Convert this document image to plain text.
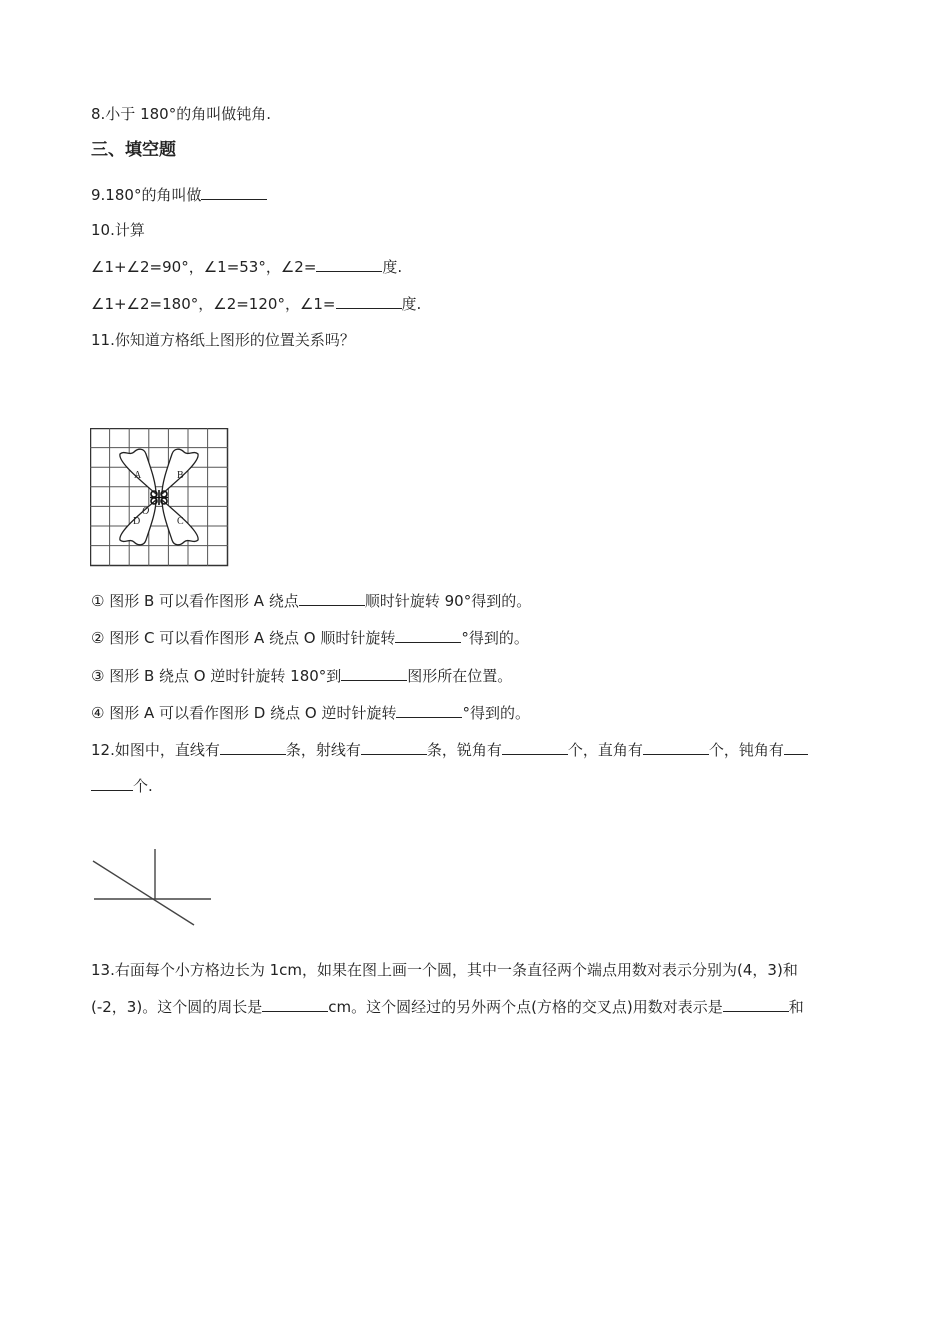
8.小于 180°的角叫做钝角.
三、填空题
9.180°的角叫做
10.计算
∠1+∠2=90°，∠1=53°，∠2=	度.
∠1+∠2=180°，∠2=120°，∠1=	度.
11.你知道方格纸上图形的位置关系吗？
A	B
C
D
O
① 图形 B 可以看作图形 A 绕点	顺时针旋转 90°得到的。
② 图形 C 可以看作图形 A 绕点 O 顺时针旋转	°得到的。
③ 图形 B 绕点 O 逆时针旋转 180°到	图形所在位置。
④ 图形 A 可以看作图形 D 绕点 O 逆时针旋转	°得到的。
12.如图中，直线有	条，射线有	条，锐角有	个，直角有	个，钝角有
个.
13.右面每个小方格边长为 1cm，如果在图上画一个圆，其中一条直径两个端点用数对表示分别为(4，3)和
(-2，3)。这个圆的周长是	cm。这个圆经过的另外两个点(方格的交叉点)用数对表示是	和
